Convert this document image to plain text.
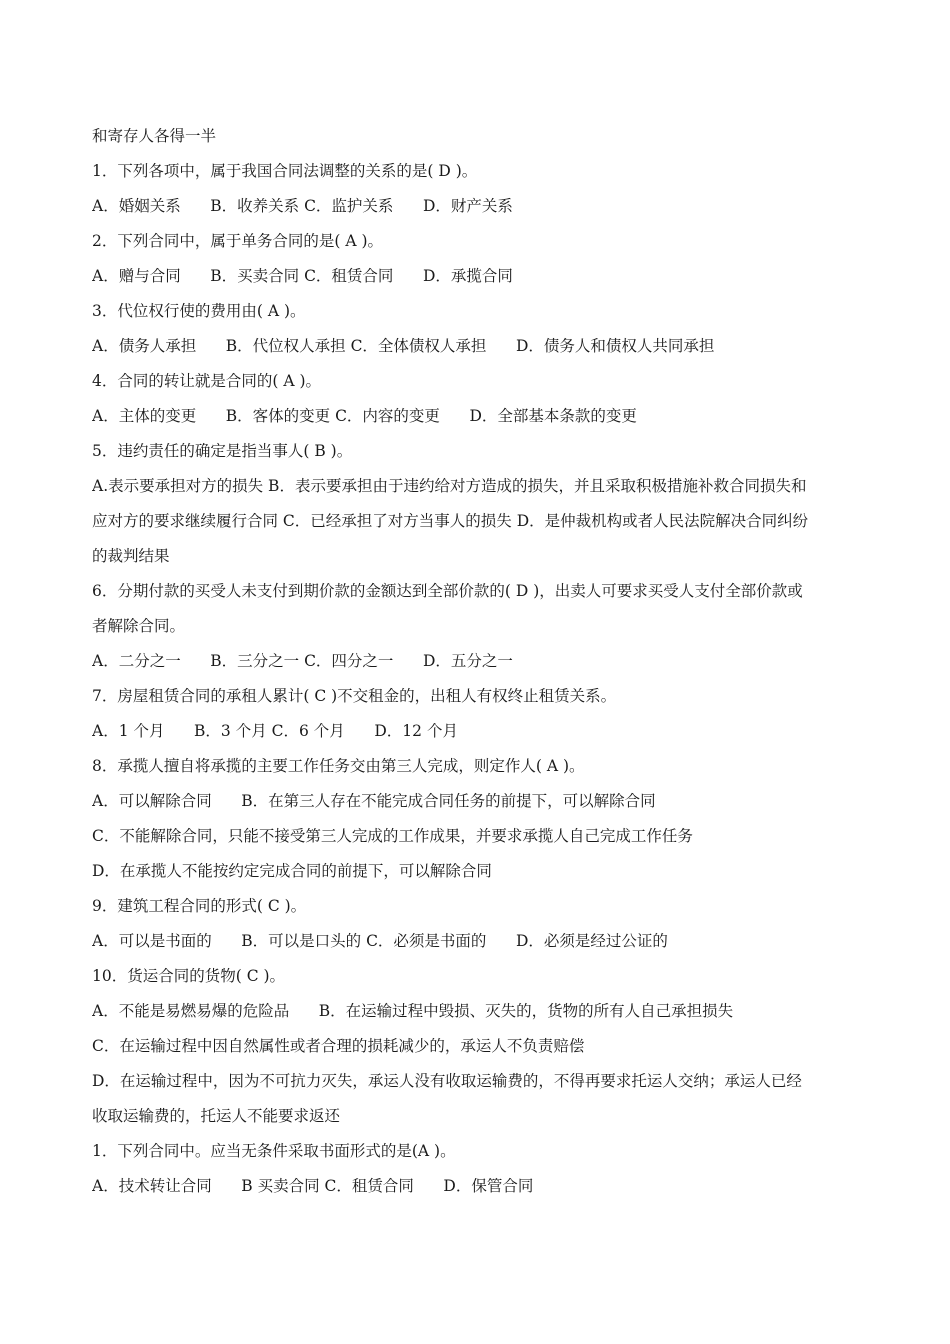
和寄存人各得一半
1．下列各项中，属于我国合同法调整的关系的是( D )。
A．婚姻关系      B．收养关系 C．监护关系      D．财产关系
2．下列合同中，属于单务合同的是( A )。
A．赠与合同      B．买卖合同 C．租赁合同      D．承揽合同
3．代位权行使的费用由( A )。
A．债务人承担      B．代位权人承担 C．全体债权人承担      D．债务人和债权人共同承担
4．合同的转让就是合同的( A )。
A．主体的变更      B．客体的变更 C．内容的变更      D．全部基本条款的变更
5．违约责任的确定是指当事人( B )。
A.表示要承担对方的损失 B．表示要承担由于违约给对方造成的损失，并且采取积极措施补救合同损失和
应对方的要求继续履行合同 C．已经承担了对方当事人的损失 D．是仲裁机构或者人民法院解决合同纠纷
的裁判结果
6．分期付款的买受人未支付到期价款的金额达到全部价款的( D )，出卖人可要求买受人支付全部价款或
者解除合同。
A．二分之一      B．三分之一 C．四分之一      D．五分之一
7．房屋租赁合同的承租人累计( C )不交租金的，出租人有权终止租赁关系。
A．1 个月      B．3 个月 C．6 个月      D．12 个月
8．承揽人擅自将承揽的主要工作任务交由第三人完成，则定作人( A )。
A．可以解除合同      B．在第三人存在不能完成合同任务的前提下，可以解除合同
C．不能解除合同，只能不接受第三人完成的工作成果，并要求承揽人自己完成工作任务
D．在承揽人不能按约定完成合同的前提下，可以解除合同
9．建筑工程合同的形式( C )。
A．可以是书面的      B．可以是口头的 C．必须是书面的      D．必须是经过公证的
10．货运合同的货物( C )。
A．不能是易燃易爆的危险品      B．在运输过程中毁损、灭失的，货物的所有人自己承担损失
C．在运输过程中因自然属性或者合理的损耗减少的，承运人不负责赔偿
D．在运输过程中，因为不可抗力灭失，承运人没有收取运输费的，不得再要求托运人交纳；承运人已经
收取运输费的，托运人不能要求返还
1．下列合同中。应当无条件采取书面形式的是(A )。
A．技术转让合同      B 买卖合同 C．租赁合同      D．保管合同
